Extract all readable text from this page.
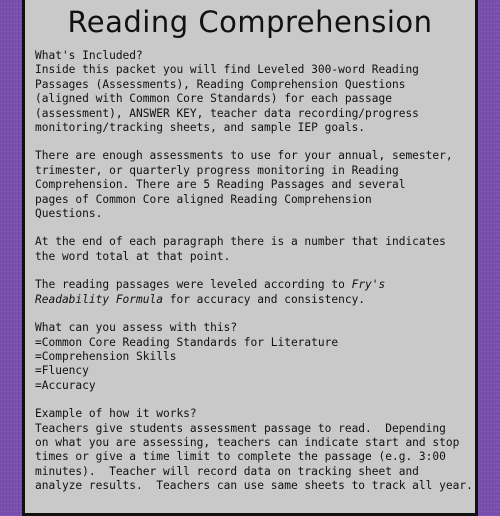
Reading Comprehension
What's Included?
Inside this packet you will find Leveled 300-word Reading
Passages (Assessments), Reading Comprehension Questions
(aligned with Common Core Standards) for each passage
(assessment), ANSWER KEY, teacher data recording/progress
monitoring/tracking sheets, and sample IEP goals.
There are enough assessments to use for your annual, semester,
trimester, or quarterly progress monitoring in Reading
Comprehension. There are 5 Reading Passages and several
pages of Common Core aligned Reading Comprehension
Questions.
At the end of each paragraph there is a number that indicates
the word total at that point.
The reading passages were leveled according to Fry's
Readability Formula for accuracy and consistency.
What can you assess with this?
=Common Core Reading Standards for Literature
=Comprehension Skills
=Fluency
=Accuracy
Example of how it works?
Teachers give students assessment passage to read.  Depending
on what you are assessing, teachers can indicate start and stop
times or give a time limit to complete the passage (e.g. 3:00
minutes).  Teacher will record data on tracking sheet and
analyze results.  Teachers can use same sheets to track all year.
